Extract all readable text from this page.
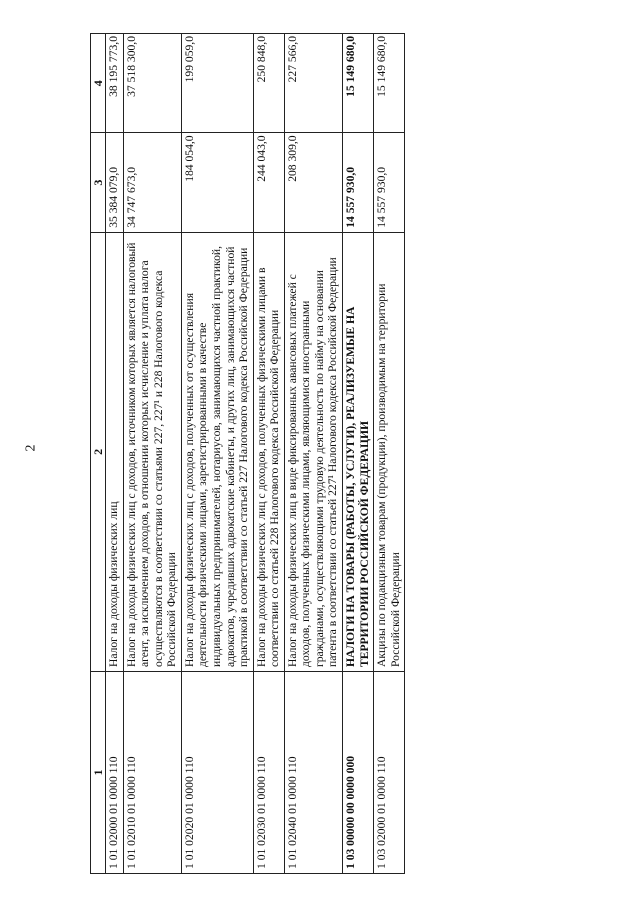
2
1	2	3	4
1 01 02000 01 0000 110	Налог на доходы физических лиц	35 384 079,0	38 195 773,0
1 01 02010 01 0000 110	Налог на доходы физических лиц с доходов, источником которых является налоговый агент, за исключением доходов, в отношении которых исчисление и уплата налога осуществляются в соответствии со статьями 227, 227¹ и 228 Налогового кодекса Российской Федерации	34 747 673,0	37 518 300,0
1 01 02020 01 0000 110	Налог на доходы физических лиц с доходов, полученных от осуществления деятельности физическими лицами, зарегистрированными в качестве индивидуальных предпринимателей, нотариусов, занимающихся частной практикой, адвокатов, учредивших адвокатские кабинеты, и других лиц, занимающихся частной практикой в соответствии со статьей 227 Налогового кодекса Российской Федерации	184 054,0	199 059,0
1 01 02030 01 0000 110	Налог на доходы физических лиц с доходов, полученных физическими лицами в соответствии со статьей 228 Налогового кодекса Российской Федерации	244 043,0	250 848,0
1 01 02040 01 0000 110	Налог на доходы физических лиц в виде фиксированных авансовых платежей с доходов, полученных физическими лицами, являющимися иностранными гражданами, осуществляющими трудовую деятельность по найму на основании патента в соответствии со статьей 227¹ Налогового кодекса Российской Федерации	208 309,0	227 566,0
1 03 00000 00 0000 000	НАЛОГИ НА ТОВАРЫ (РАБОТЫ, УСЛУГИ), РЕАЛИЗУЕМЫЕ НА ТЕРРИТОРИИ РОССИЙСКОЙ ФЕДЕРАЦИИ	14 557 930,0	15 149 680,0
1 03 02000 01 0000 110	Акцизы по подакцизным товарам (продукции), производимым на территории Российской Федерации	14 557 930,0	15 149 680,0
